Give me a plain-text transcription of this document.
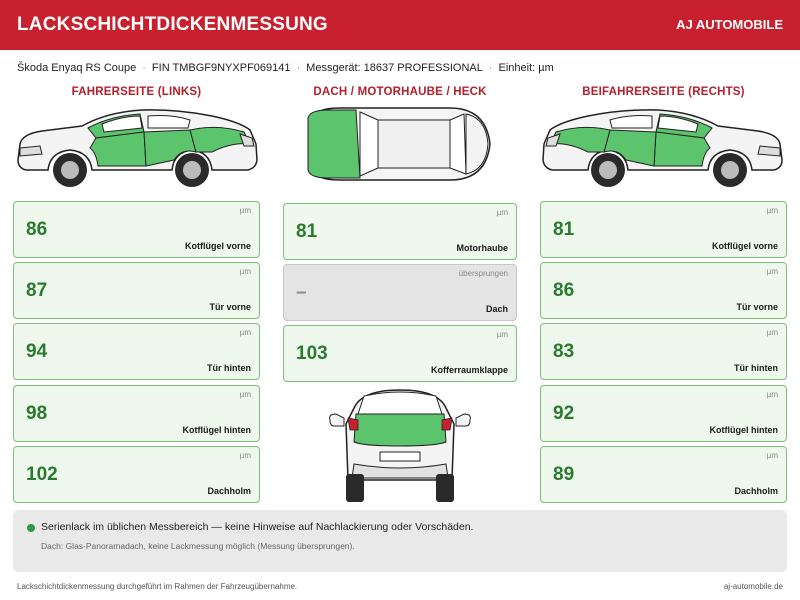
LACKSCHICHTDICKENMESSUNG	AJ AUTOMOBILE
Škoda Enyaq RS Coupe · FIN TMBGF9NYXPF069141 · Messgerät: 18637 PROFESSIONAL · Einheit: µm
FAHRERSEITE (LINKS)	DACH / MOTORHAUBE / HECK	BEIFAHRERSEITE (RECHTS)
µm
86
Kotflügel vorne
µm
87
Tür vorne
µm
94
Tür hinten
µm
98
Kotflügel hinten
µm
102
Dachholm
µm
81
Motorhaube
übersprungen
–
Dach
µm
103
Kofferraumklappe
µm
81
Kotflügel vorne
µm
86
Tür vorne
µm
83
Tür hinten
µm
92
Kotflügel hinten
µm
89
Dachholm
Serienlack im üblichen Messbereich — keine Hinweise auf Nachlackierung oder Vorschäden.
Dach: Glas-Panoramadach, keine Lackmessung möglich (Messung übersprungen).
Lackschichtdickenmessung durchgeführt im Rahmen der Fahrzeugübernahme.	aj-automobile.de
